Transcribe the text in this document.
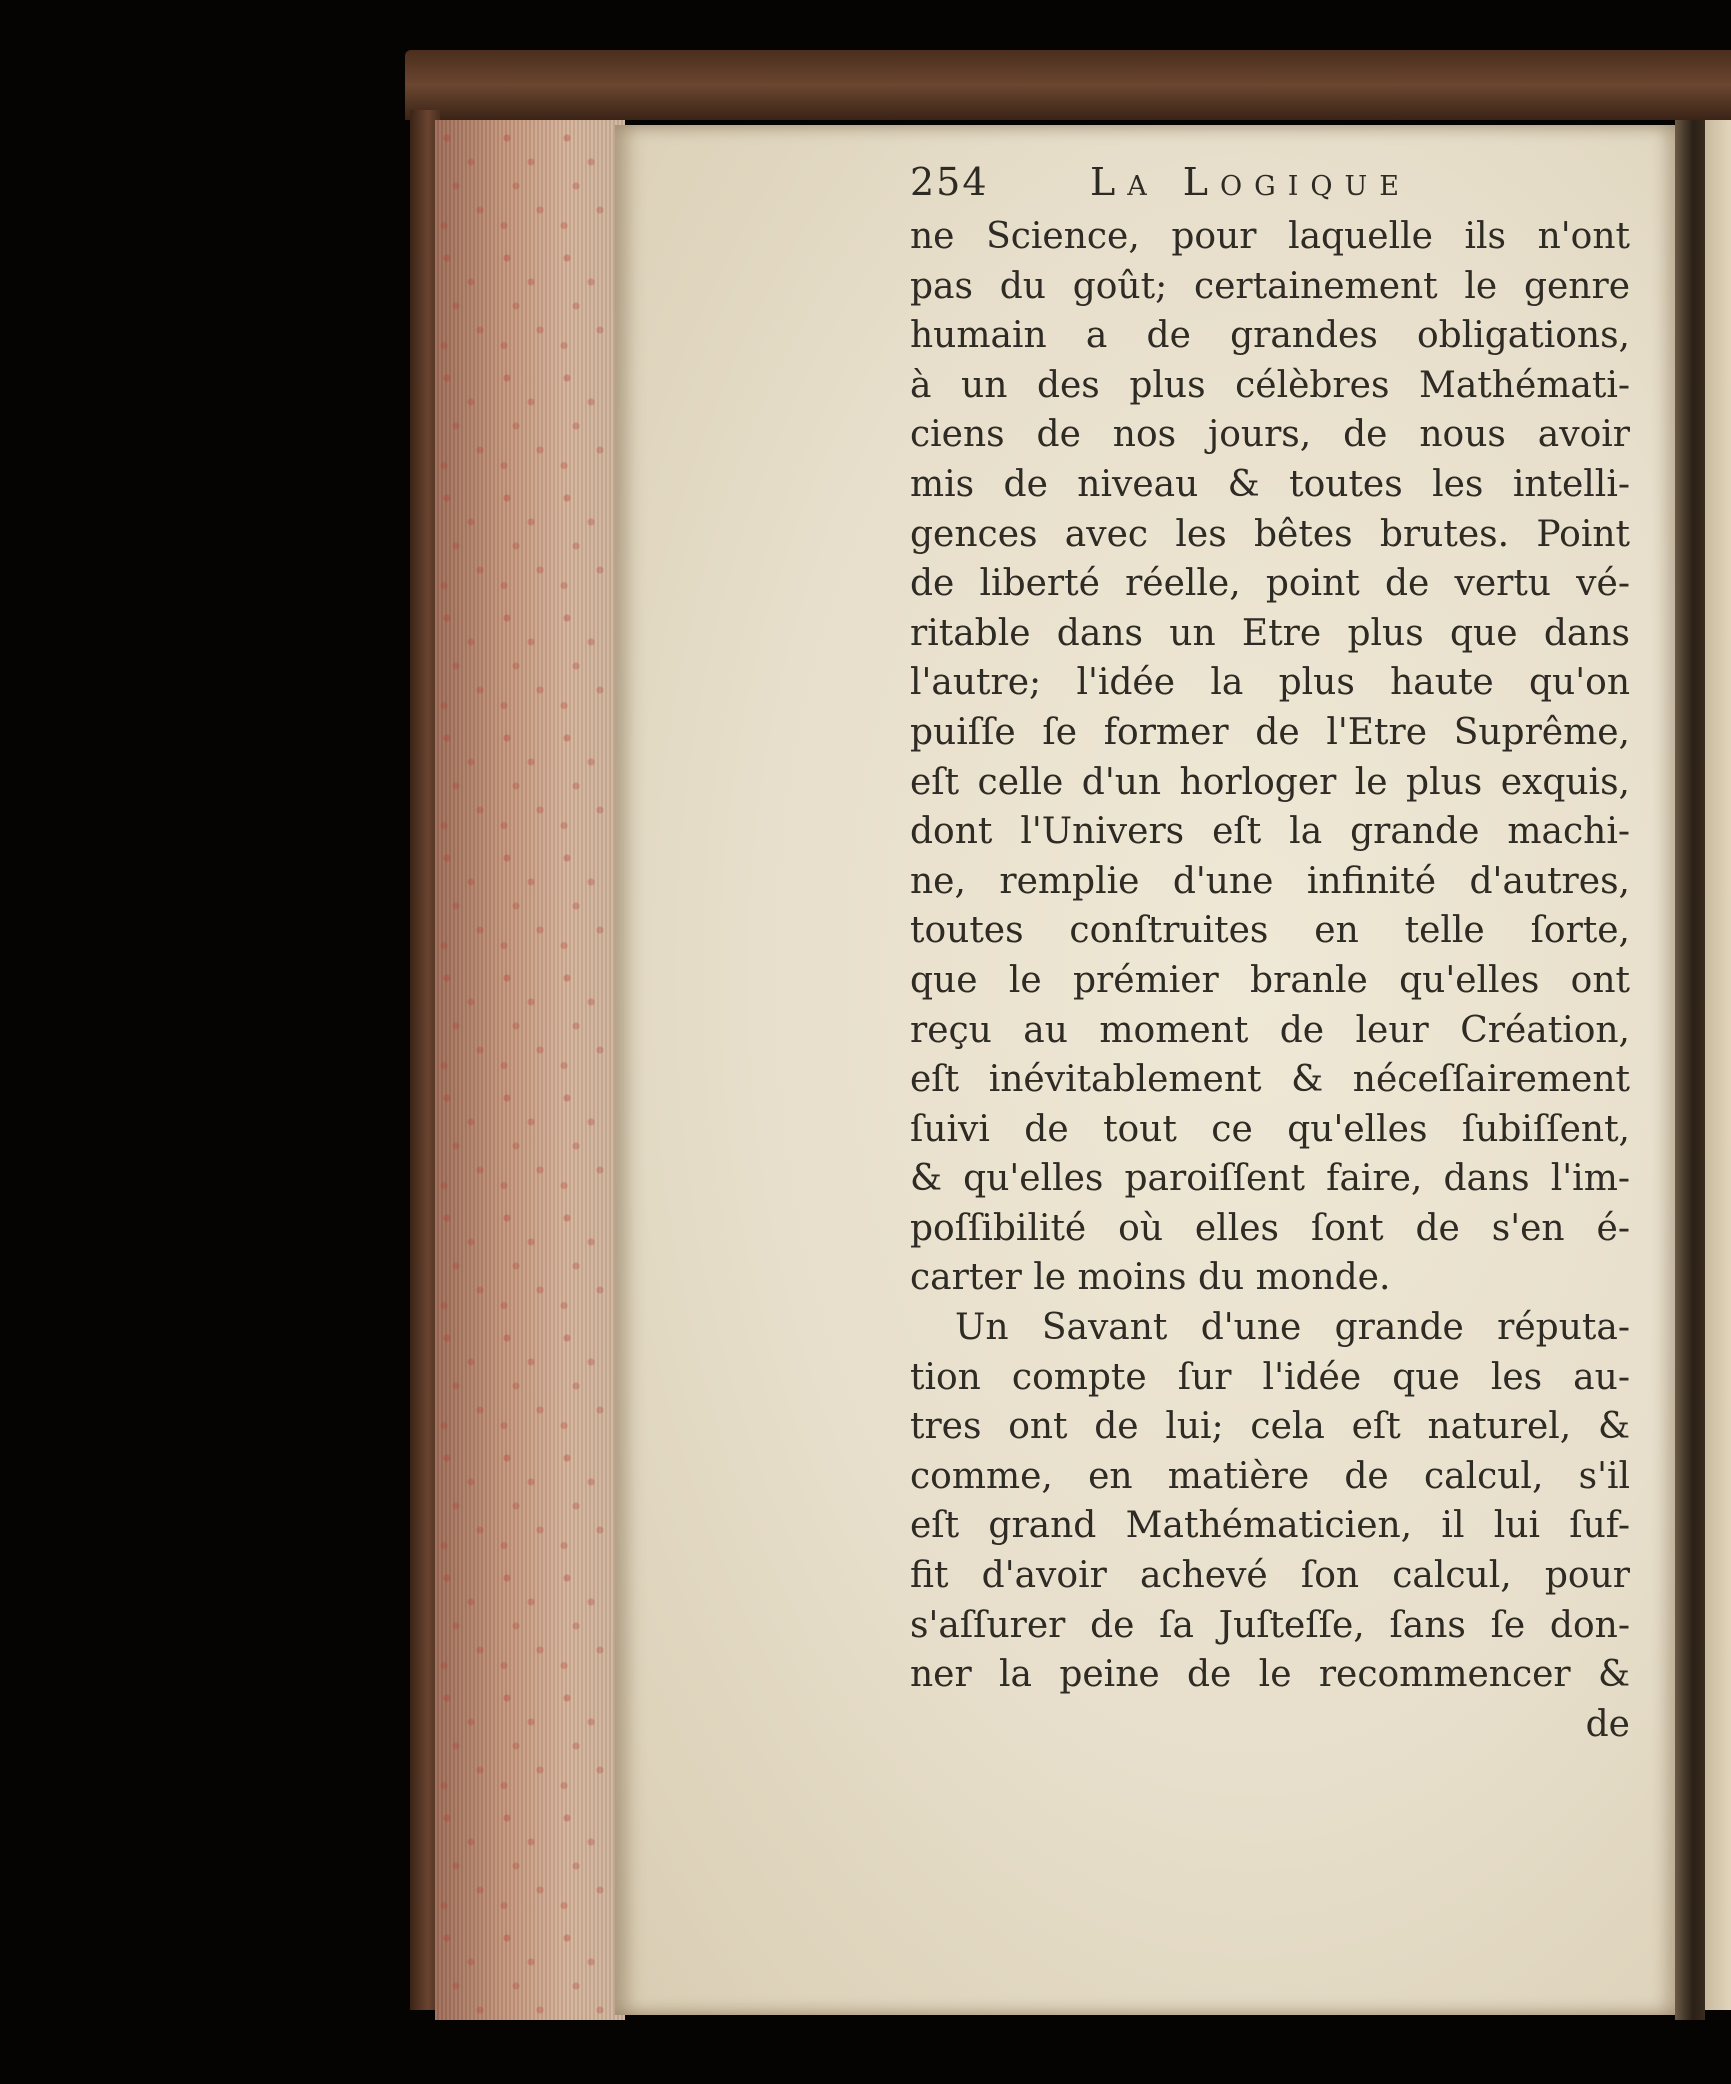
254	La Logique
ne Science, pour laquelle ils n'ont
pas du goût; certainement le genre
humain a de grandes obligations,
à un des plus célèbres Mathémati-
ciens de nos jours, de nous avoir
mis de niveau & toutes les intelli-
gences avec les bêtes brutes. Point
de liberté réelle, point de vertu vé-
ritable dans un Etre plus que dans
l'autre; l'idée la plus haute qu'on
puiſſe ſe former de l'Etre Suprême,
eſt celle d'un horloger le plus exquis,
dont l'Univers eſt la grande machi-
ne, remplie d'une infinité d'autres,
toutes conſtruites en telle ſorte,
que le prémier branle qu'elles ont
reçu au moment de leur Création,
eſt inévitablement & néceſſairement
ſuivi de tout ce qu'elles ſubiſſent,
& qu'elles paroiſſent faire, dans l'im-
poſſibilité où elles ſont de s'en é-
carter le moins du monde.
Un Savant d'une grande réputa-
tion compte ſur l'idée que les au-
tres ont de lui; cela eſt naturel, &
comme, en matière de calcul, s'il
eſt grand Mathématicien, il lui ſuf-
fit d'avoir achevé ſon calcul, pour
s'aſſurer de ſa Juſteſſe, ſans ſe don-
ner la peine de le recommencer &
de
